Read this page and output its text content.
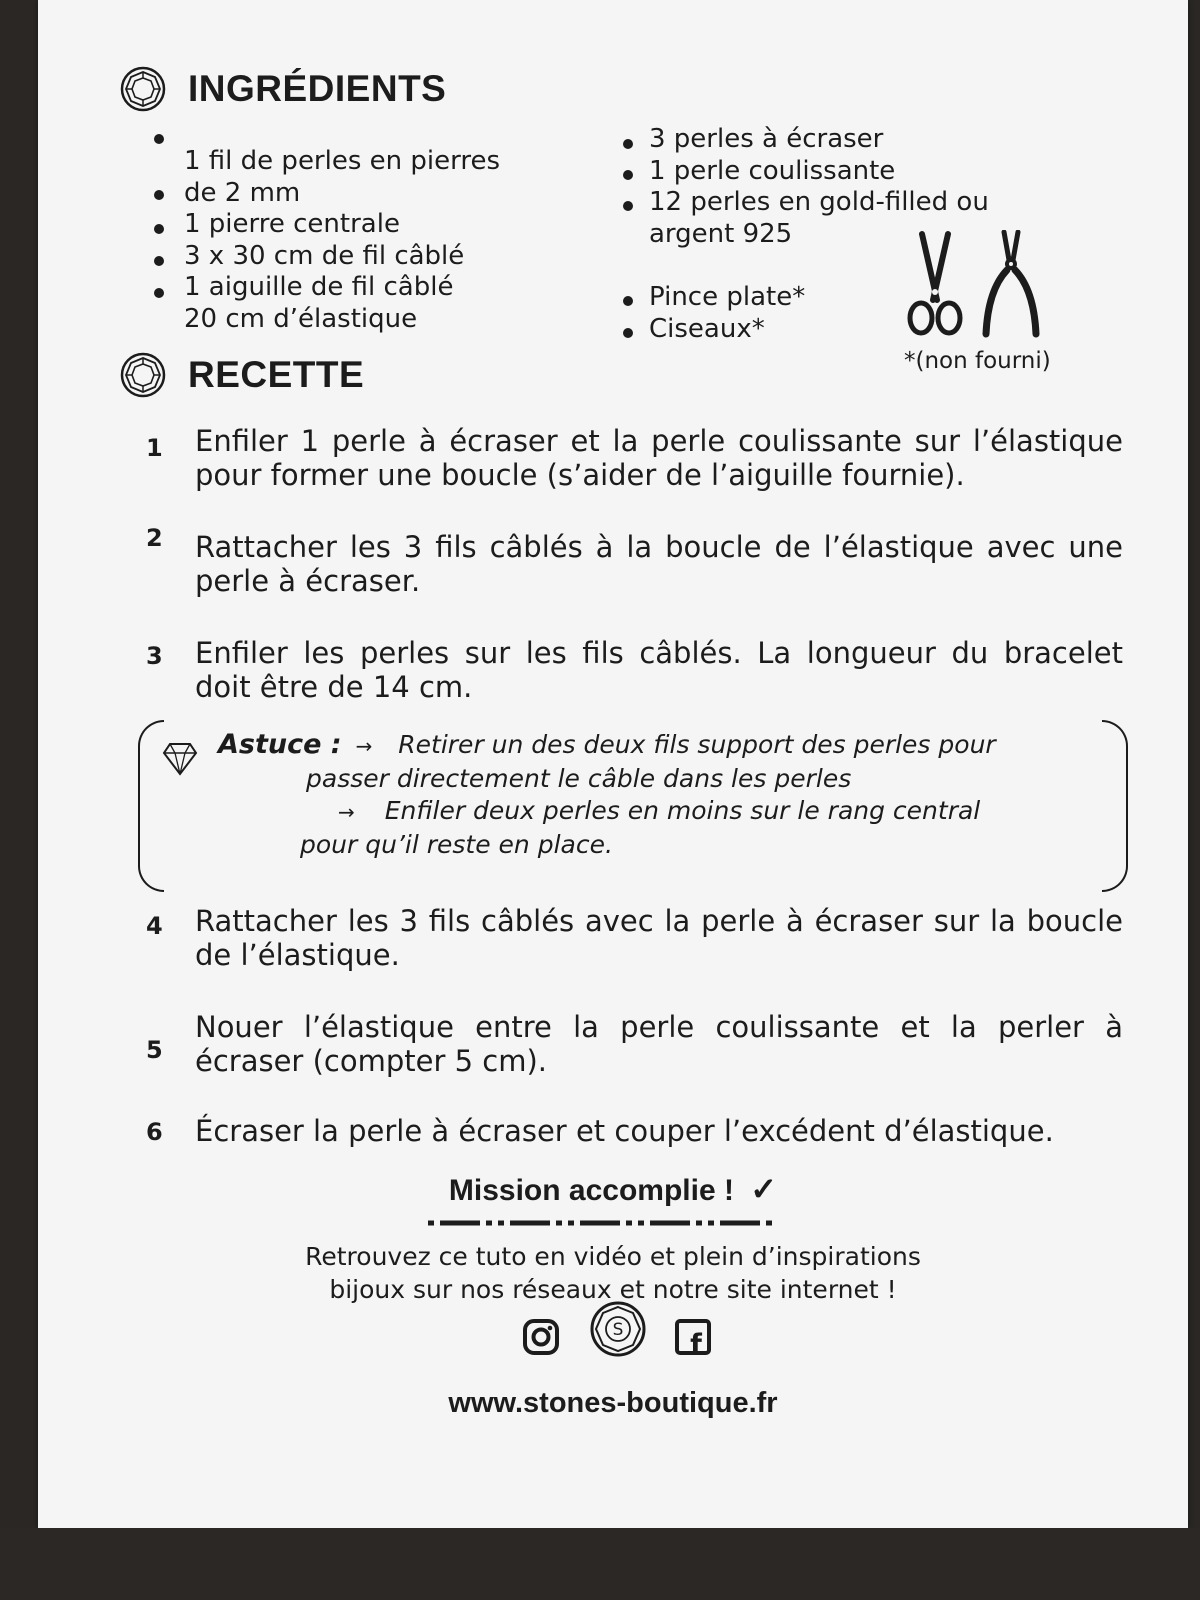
INGRÉDIENTS
1 fil de perles en pierres
de 2 mm
1 pierre centrale
3 x 30 cm de fil câblé
1 aiguille de fil câblé
20 cm d’élastique
3 perles à écraser
1 perle coulissante
12 perles en gold-filled ou
argent 925
Pince plate*
Ciseaux*
*(non fourni)
RECETTE
1 Enfiler 1 perle à écraser et la perle coulissante sur l’élastique pour former une boucle (s’aider de l’aiguille fournie).
2 Rattacher les 3 fils câblés à la boucle de l’élastique avec une perle à écraser.
3 Enfiler les perles sur les fils câblés. La longueur du bracelet doit être de 14 cm.
Astuce : → Retirer un des deux fils support des perles pour
passer directement le câble dans les perles
→ Enfiler deux perles en moins sur le rang central
pour qu’il reste en place.
4 Rattacher les 3 fils câblés avec la perle à écraser sur la boucle de l’élastique.
5
Nouer l’élastique entre la perle coulissante et la perler à écraser (compter 5 cm).
6 Écraser la perle à écraser et couper l’excédent d’élastique.
Mission accomplie ! ✓
Retrouvez ce tuto en vidéo et plein d’inspirations
bijoux sur nos réseaux et notre site internet !
S f
www.stones-boutique.fr
